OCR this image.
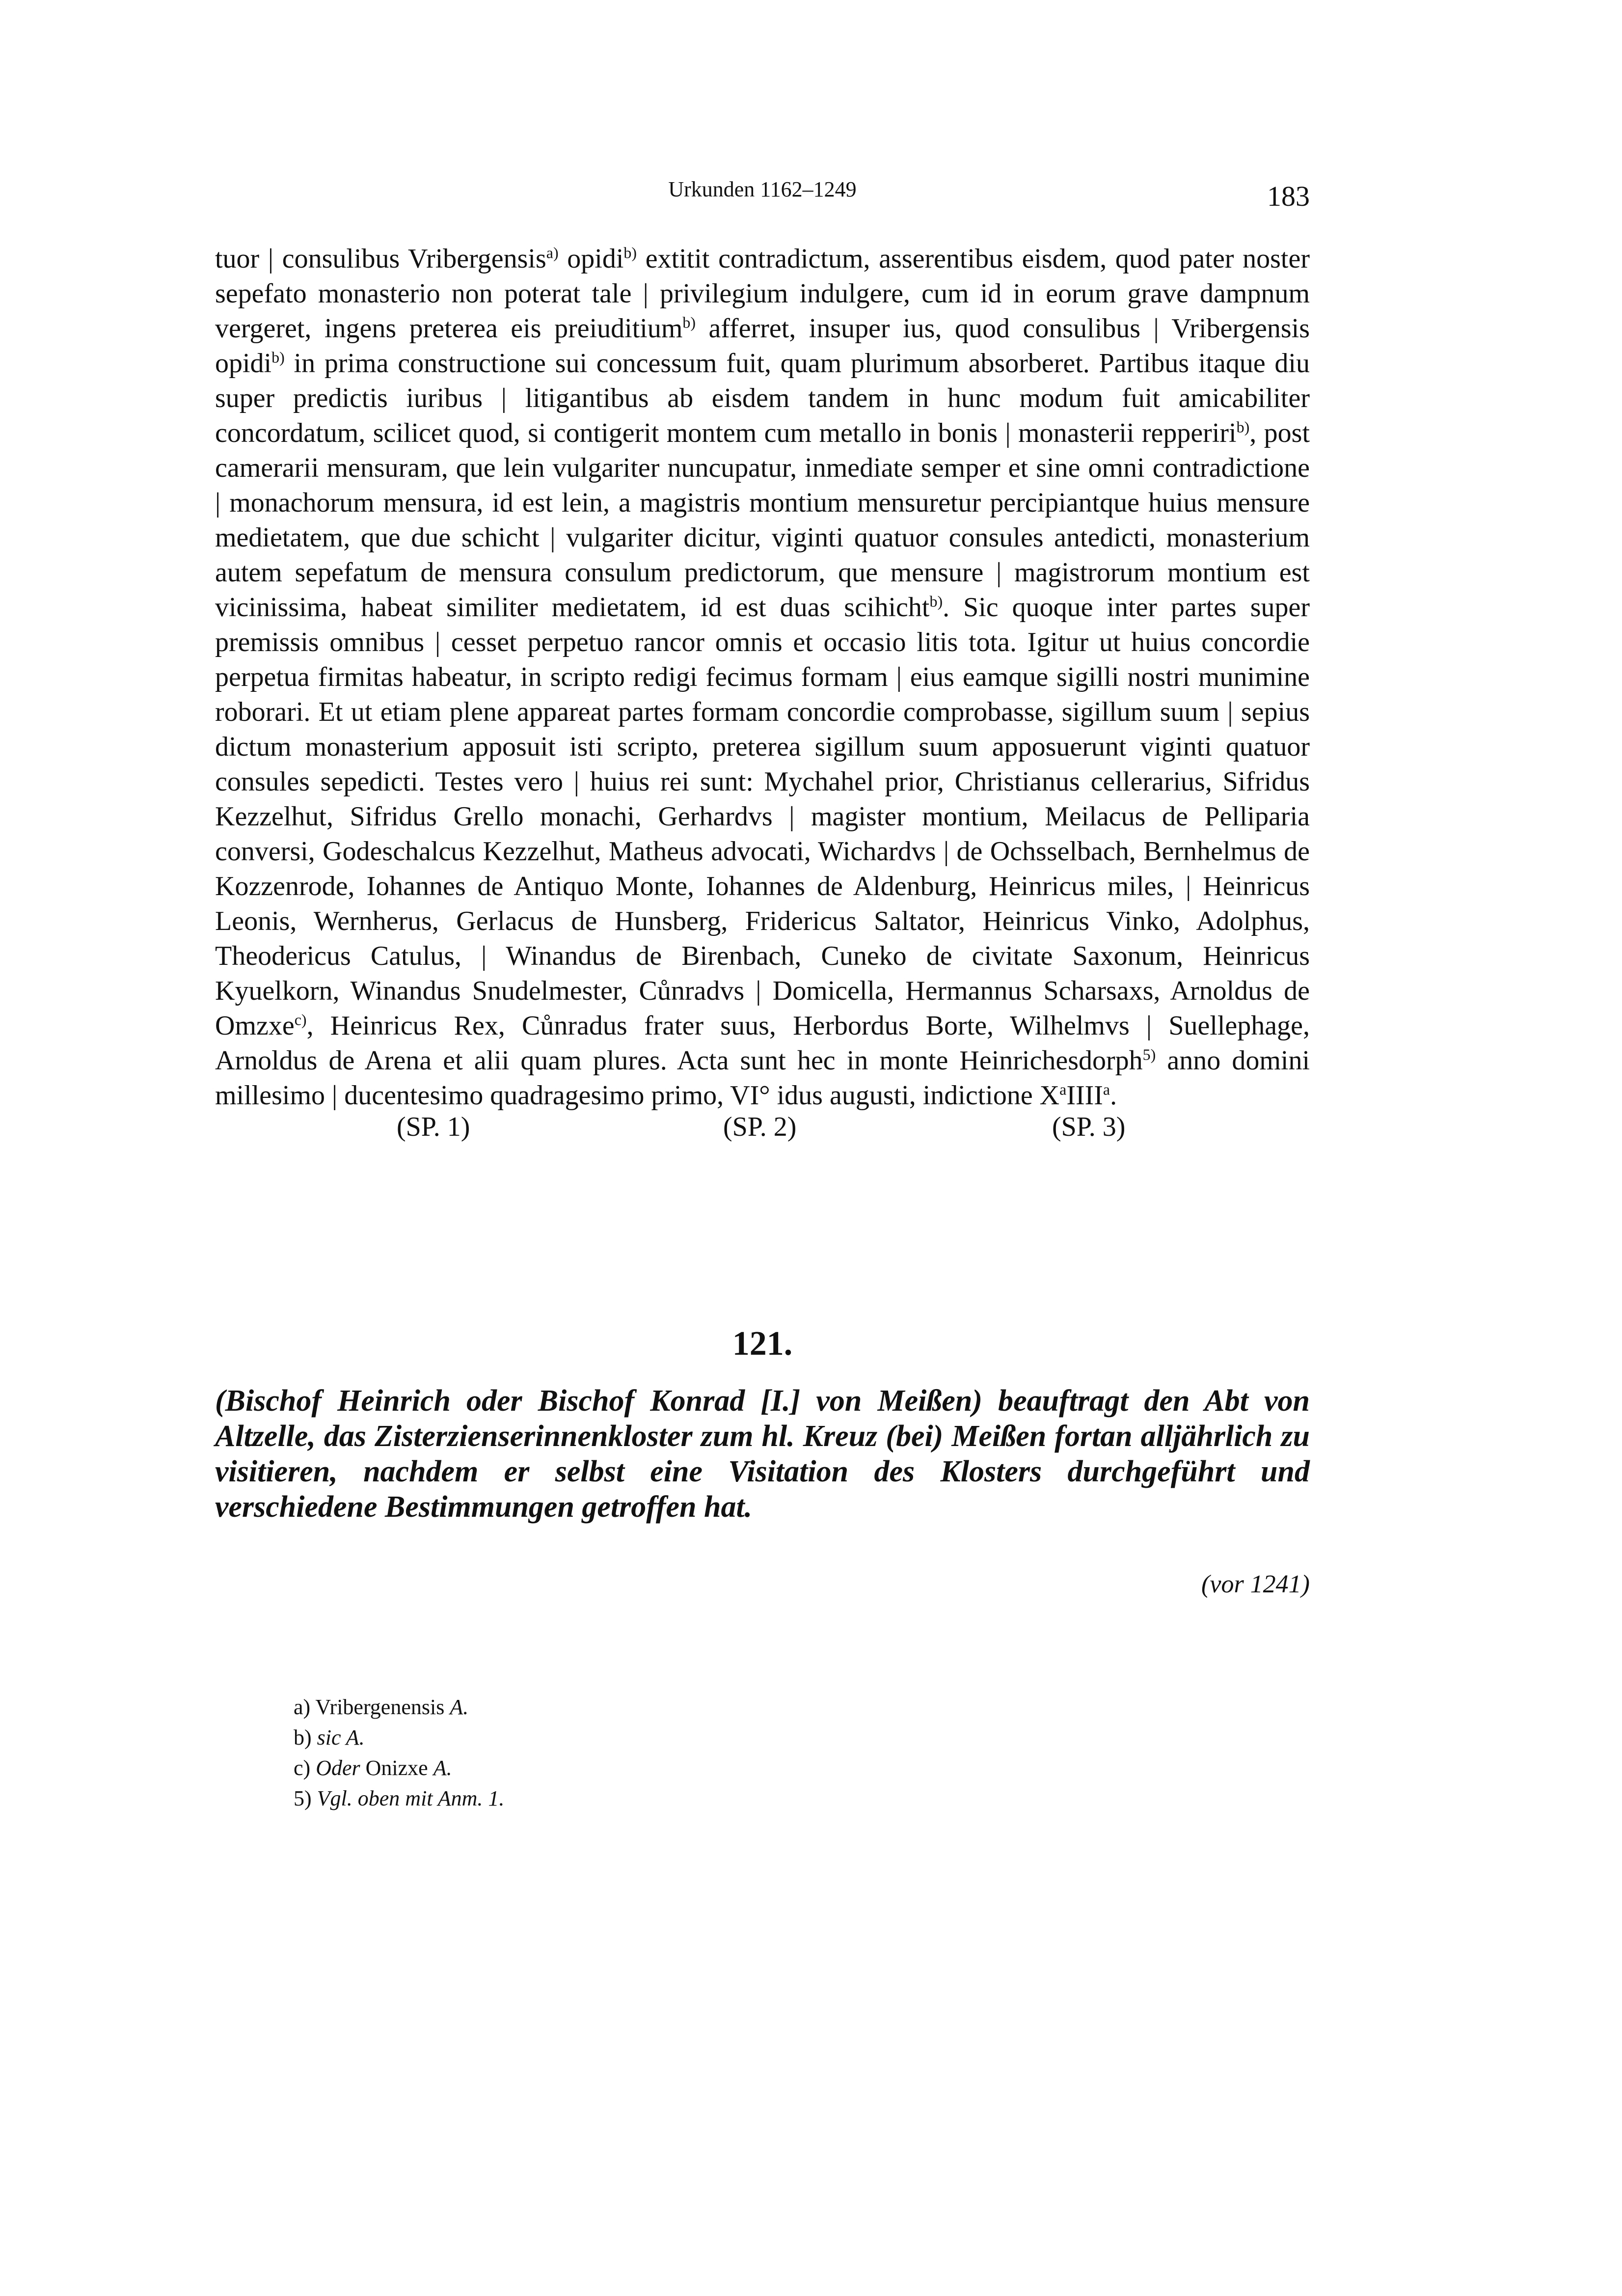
Urkunden 1162–1249	183
tuor | consulibus Vribergensis$^{a)}$ opidi$^{b)}$ extitit contradictum, asserentibus eisdem, quod pater noster sepefato monasterio non poterat tale | privilegium indulgere, cum id in eorum grave dampnum vergeret, ingens preterea eis preiuditium$^{b)}$ afferret, insuper ius, quod consulibus | Vribergensis opidi$^{b)}$ in prima constructione sui concessum fuit, quam plurimum absorberet. Partibus itaque diu super predictis iuribus | litigantibus ab eisdem tandem in hunc modum fuit amicabiliter concordatum, scilicet quod, si contigerit montem cum metallo in bonis | monasterii repperiri$^{b)}$, post camerarii mensuram, que lein vulgariter nuncupatur, inmediate semper et sine omni contradictione | monachorum mensura, id est lein, a magistris montium mensuretur percipiantque huius mensure medietatem, que due schicht | vulgariter dicitur, viginti quatuor consules antedicti, monasterium autem sepefatum de mensura consulum predictorum, que mensure | magistrorum montium est vicinissima, habeat similiter medietatem, id est duas scihicht$^{b)}$. Sic quoque inter partes super premissis omnibus | cesset perpetuo rancor omnis et occasio litis tota. Igitur ut huius concordie perpetua firmitas habeatur, in scripto redigi fecimus formam | eius eamque sigilli nostri munimine roborari. Et ut etiam plene appareat partes formam concordie comprobasse, sigillum suum | sepius dictum monasterium apposuit isti scripto, preterea sigillum suum apposuerunt viginti quatuor consules sepedicti. Testes vero | huius rei sunt: Mychahel prior, Christianus cellerarius, Sifridus Kezzelhut, Sifridus Grello monachi, Gerhardvs | magister montium, Meilacus de Pelliparia conversi, Godeschalcus Kezzelhut, Matheus advocati, Wichardvs | de Ochsselbach, Bernhelmus de Kozzenrode, Iohannes de Antiquo Monte, Iohannes de Aldenburg, Heinricus miles, | Heinricus Leonis, Wernherus, Gerlacus de Hunsberg, Fridericus Saltator, Heinricus Vinko, Adolphus, Theodericus Catulus, | Winandus de Birenbach, Cuneko de civitate Saxonum, Heinricus Kyuelkorn, Winandus Snudelmester, Cůnradvs | Domicella, Hermannus Scharsaxs, Arnoldus de Omzxe$^{c)}$, Heinricus Rex, Cůnradus frater suus, Herbordus Borte, Wilhelmvs | Suellephage, Arnoldus de Arena et alii quam plures. Acta sunt hec in monte Heinrichesdorph$^{5)}$ anno domini millesimo | ducentesimo quadragesimo primo, VI° idus augusti, indictione $X^aIIII^a$.
(SP. 1)	(SP. 2)	(SP. 3)
121.
(Bischof Heinrich oder Bischof Konrad [I.] von Meißen) beauftragt den Abt von Altzelle, das Zisterzienserinnenkloster zum hl. Kreuz (bei) Meißen fortan alljährlich zu visitieren, nachdem er selbst eine Visitation des Klosters durchgeführt und verschiedene Bestimmungen getroffen hat.
(vor 1241)
a) Vribergenensis A.
b) sic A.
c) Oder Onizxe A.
5) Vgl. oben mit Anm. 1.
